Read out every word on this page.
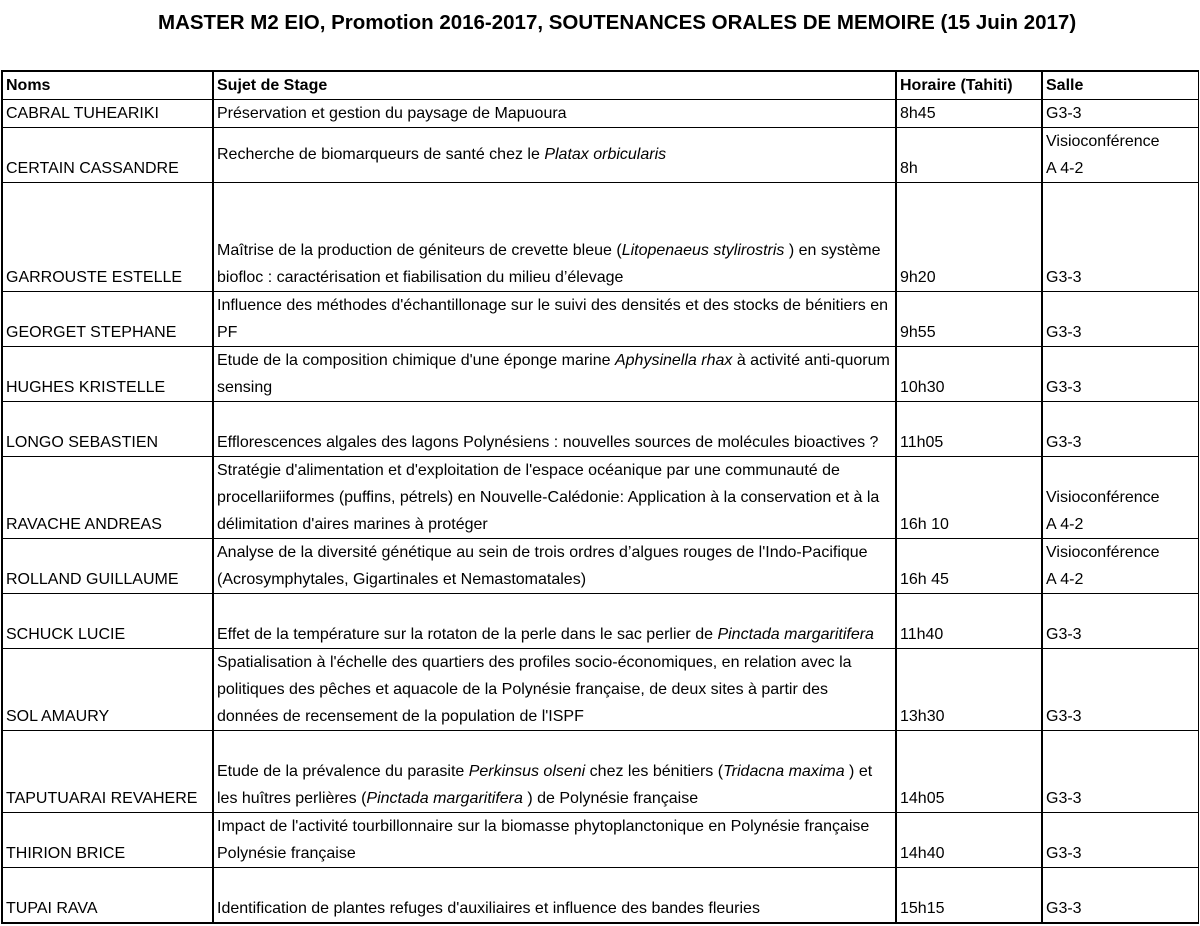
MASTER M2 EIO, Promotion 2016-2017, SOUTENANCES ORALES DE MEMOIRE (15 Juin 2017)
Noms	Sujet de Stage	Horaire (Tahiti)	Salle
CABRAL TUHEARIKI	Préservation et gestion du paysage de Mapuoura	8h45	G3-3

CERTAIN CASSANDRE	Recherche de biomarqueurs de santé chez le Platax orbicularis	8h	Visioconférence
A 4-2

GARROUSTE ESTELLE	Maîtrise de la production de géniteurs de crevette bleue (Litopenaeus stylirostris ) en système biofloc : caractérisation et fiabilisation du milieu d’élevage	9h20	G3-3

GEORGET STEPHANE	Influence des méthodes d'échantillonage sur le suivi des densités et des stocks de bénitiers en PF	9h55	G3-3

HUGHES KRISTELLE	Etude de la composition chimique d'une éponge marine Aphysinella rhax à activité anti-quorum sensing	10h30	G3-3

LONGO SEBASTIEN	Efflorescences algales des lagons Polynésiens : nouvelles sources de molécules bioactives ?	11h05	G3-3

RAVACHE ANDREAS	Stratégie d'alimentation et d'exploitation de l'espace océanique par une communauté de procellariiformes (puffins, pétrels) en Nouvelle-Calédonie: Application à la conservation et à la délimitation d'aires marines à protéger	16h 10	Visioconférence
A 4-2

ROLLAND GUILLAUME	Analyse de la diversité génétique au sein de trois ordres d’algues rouges de l'Indo-Pacifique (Acrosymphytales, Gigartinales et Nemastomatales)	16h 45	Visioconférence
A 4-2

SCHUCK LUCIE	Effet de la température sur la rotaton de la perle dans le sac perlier de Pinctada margaritifera	11h40	G3-3

SOL AMAURY	Spatialisation à l'échelle des quartiers des profiles socio-économiques, en relation avec la politiques des pêches et aquacole de la Polynésie française, de deux sites à partir des données de recensement de la population de l'ISPF	13h30	G3-3

TAPUTUARAI REVAHERE	Etude de la prévalence du parasite Perkinsus olseni chez les bénitiers (Tridacna maxima ) et les huîtres perlières (Pinctada margaritifera ) de Polynésie française	14h05	G3-3

THIRION BRICE	Impact de l'activité tourbillonnaire sur la biomasse phytoplanctonique en Polynésie française Polynésie française	14h40	G3-3

TUPAI RAVA	Identification de plantes refuges d'auxiliaires et influence des bandes fleuries	15h15	G3-3
